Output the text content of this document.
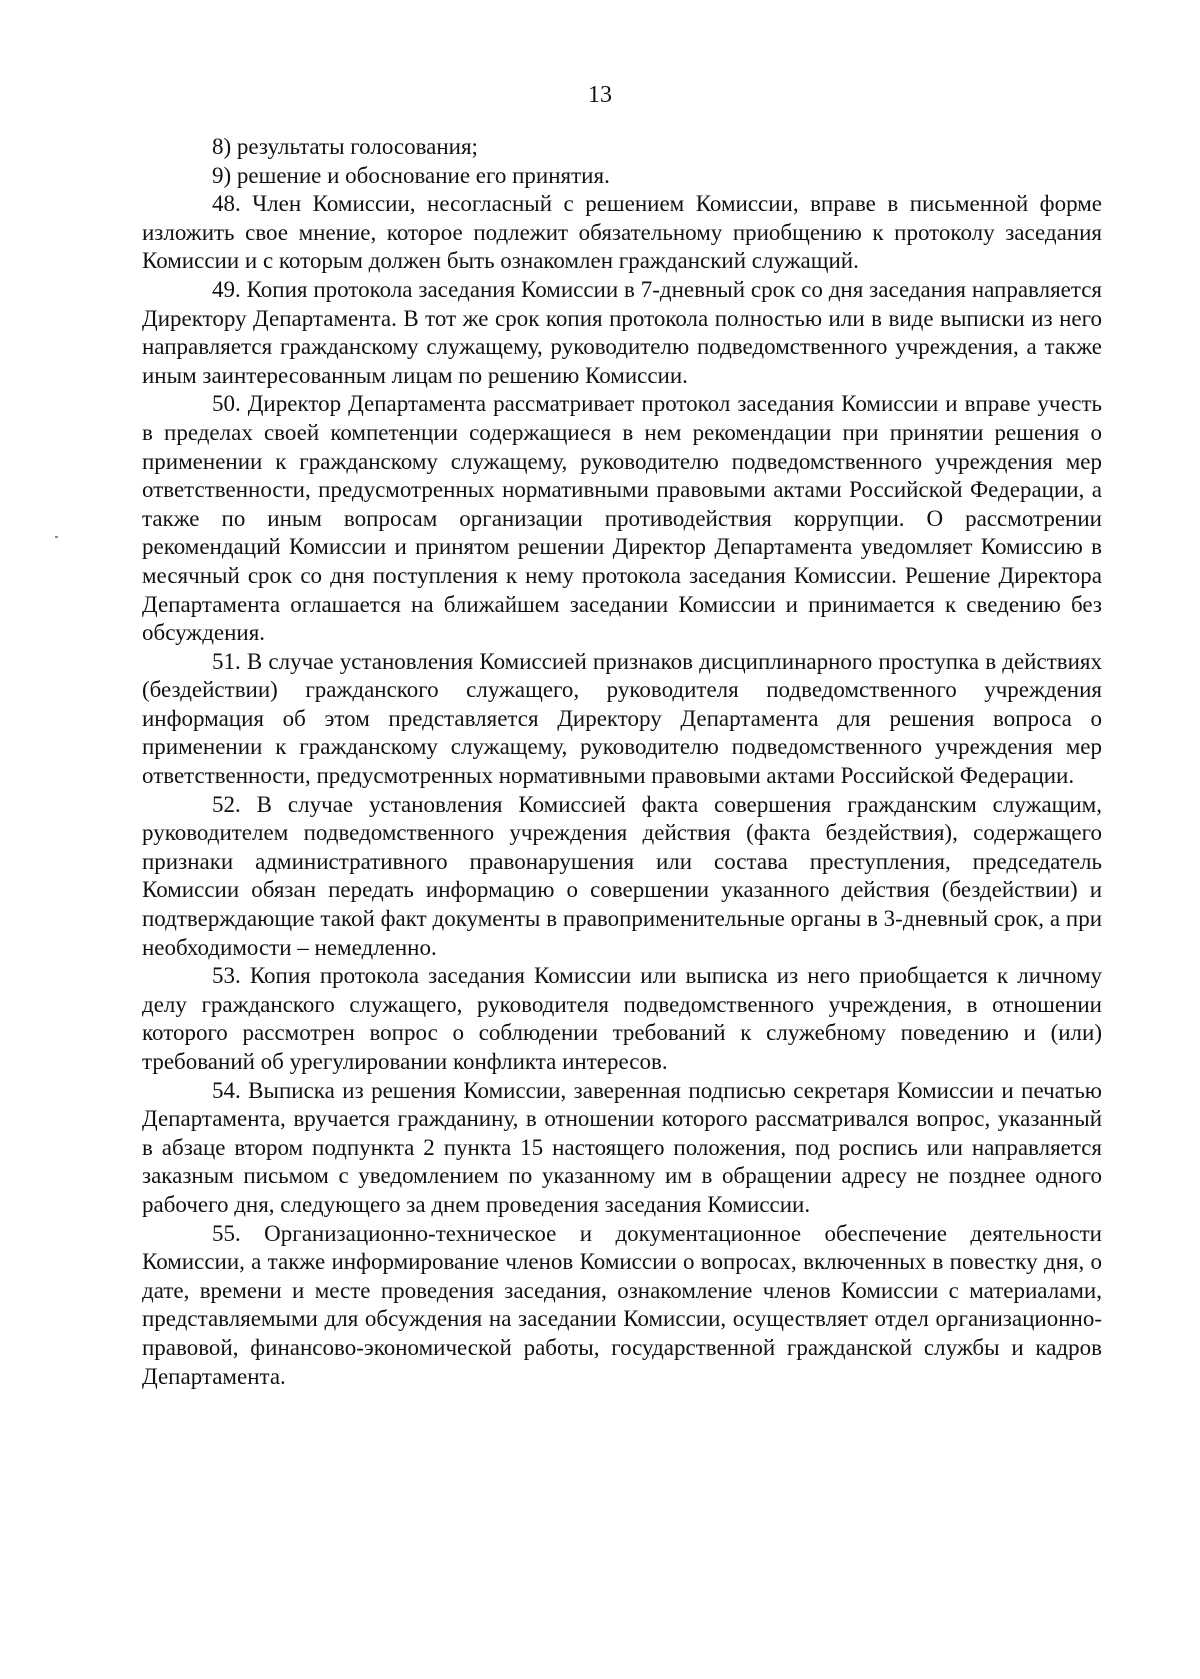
13

8) результаты голосования;

9) решение и обоснование его принятия.

48. Член Комиссии, несогласный с решением Комиссии, вправе в письменной форме изложить свое мнение, которое подлежит обязательному приобщению к протоколу заседания Комиссии и с которым должен быть ознакомлен гражданский служащий.

49. Копия протокола заседания Комиссии в 7-дневный срок со дня заседания направляется Директору Департамента. В тот же срок копия протокола полностью или в виде выписки из него направляется гражданскому служащему, руководителю подведомственного учреждения, а также иным заинтересованным лицам по решению Комиссии.

50. Директор Департамента рассматривает протокол заседания Комиссии и вправе учесть в пределах своей компетенции содержащиеся в нем рекомендации при принятии решения о применении к гражданскому служащему, руководителю подведомственного учреждения мер ответственности, предусмотренных нормативными правовыми актами Российской Федерации, а также по иным вопросам организации противодействия коррупции. О рассмотрении рекомендаций Комиссии и принятом решении Директор Департамента уведомляет Комиссию в месячный срок со дня поступления к нему протокола заседания Комиссии. Решение Директора Департамента оглашается на ближайшем заседании Комиссии и принимается к сведению без обсуждения.

51. В случае установления Комиссией признаков дисциплинарного проступка в действиях (бездействии) гражданского служащего, руководителя подведомственного учреждения информация об этом представляется Директору Департамента для решения вопроса о применении к гражданскому служащему, руководителю подведомственного учреждения мер ответственности, предусмотренных нормативными правовыми актами Российской Федерации.

52. В случае установления Комиссией факта совершения гражданским служащим, руководителем подведомственного учреждения действия (факта бездействия), содержащего признаки административного правонарушения или состава преступления, председатель Комиссии обязан передать информацию о совершении указанного действия (бездействии) и подтверждающие такой факт документы в правоприменительные органы в 3-дневный срок, а при необходимости – немедленно.

53. Копия протокола заседания Комиссии или выписка из него приобщается к личному делу гражданского служащего, руководителя подведомственного учреждения, в отношении которого рассмотрен вопрос о соблюдении требований к служебному поведению и (или) требований об урегулировании конфликта интересов.

54. Выписка из решения Комиссии, заверенная подписью секретаря Комиссии и печатью Департамента, вручается гражданину, в отношении которого рассматривался вопрос, указанный в абзаце втором подпункта 2 пункта 15 настоящего положения, под роспись или направляется заказным письмом с уведомлением по указанному им в обращении адресу не позднее одного рабочего дня, следующего за днем проведения заседания Комиссии.

55. Организационно-техническое и документационное обеспечение деятельности Комиссии, а также информирование членов Комиссии о вопросах, включенных в повестку дня, о дате, времени и месте проведения заседания, ознакомление членов Комиссии с материалами, представляемыми для обсуждения на заседании Комиссии, осуществляет отдел организационно-правовой, финансово-экономической работы, государственной гражданской службы и кадров Департамента.
